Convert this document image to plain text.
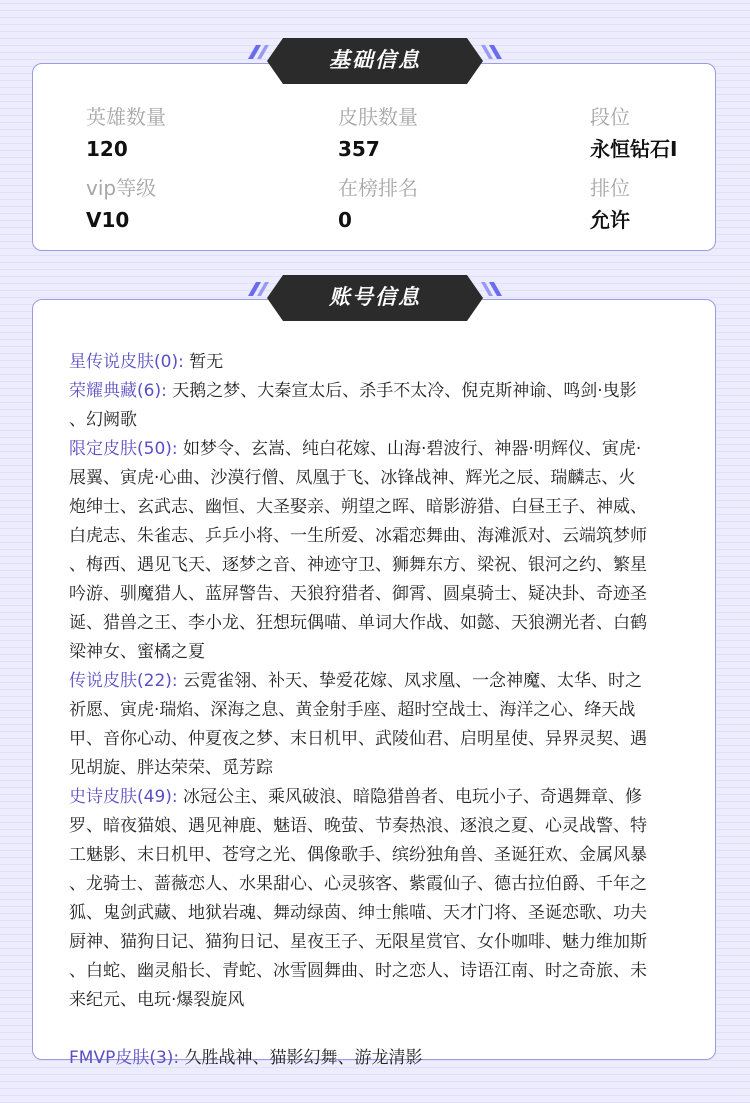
英雄数量
120
皮肤数量
357
段位
永恒钻石I
vip等级
V10
在榜排名
0
排位
允许
基础信息
星传说皮肤(0): 暂无
荣耀典藏(6): 天鹅之梦、大秦宣太后、杀手不太冷、倪克斯神谕、鸣剑·曳影
、幻阙歌
限定皮肤(50): 如梦令、玄嵩、纯白花嫁、山海·碧波行、神器·明辉仪、寅虎·
展翼、寅虎·心曲、沙漠行僧、凤凰于飞、冰锋战神、辉光之辰、瑞麟志、火
炮绅士、玄武志、幽恒、大圣娶亲、朔望之晖、暗影游猎、白昼王子、神威、
白虎志、朱雀志、乒乒小将、一生所爱、冰霜恋舞曲、海滩派对、云端筑梦师
、梅西、遇见飞天、逐梦之音、神迹守卫、狮舞东方、梁祝、银河之约、繁星
吟游、驯魔猎人、蓝屏警告、天狼狩猎者、御霄、圆桌骑士、疑决卦、奇迹圣
诞、猎兽之王、李小龙、狂想玩偶喵、单词大作战、如懿、天狼溯光者、白鹤
梁神女、蜜橘之夏
传说皮肤(22): 云霓雀翎、补天、挚爱花嫁、凤求凰、一念神魔、太华、时之
祈愿、寅虎·瑞焰、深海之息、黄金射手座、超时空战士、海洋之心、绛天战
甲、音你心动、仲夏夜之梦、末日机甲、武陵仙君、启明星使、异界灵契、遇
见胡旋、胖达荣荣、觅芳踪
史诗皮肤(49): 冰冠公主、乘风破浪、暗隐猎兽者、电玩小子、奇遇舞章、修
罗、暗夜猫娘、遇见神鹿、魅语、晚萤、节奏热浪、逐浪之夏、心灵战警、特
工魅影、末日机甲、苍穹之光、偶像歌手、缤纷独角兽、圣诞狂欢、金属风暴
、龙骑士、蔷薇恋人、水果甜心、心灵骇客、紫霞仙子、德古拉伯爵、千年之
狐、鬼剑武藏、地狱岩魂、舞动绿茵、绅士熊喵、天才门将、圣诞恋歌、功夫
厨神、猫狗日记、猫狗日记、星夜王子、无限星赏官、女仆咖啡、魅力维加斯
、白蛇、幽灵船长、青蛇、冰雪圆舞曲、时之恋人、诗语江南、时之奇旅、未
来纪元、电玩·爆裂旋风
FMVP皮肤(3): 久胜战神、猫影幻舞、游龙清影
账号信息
